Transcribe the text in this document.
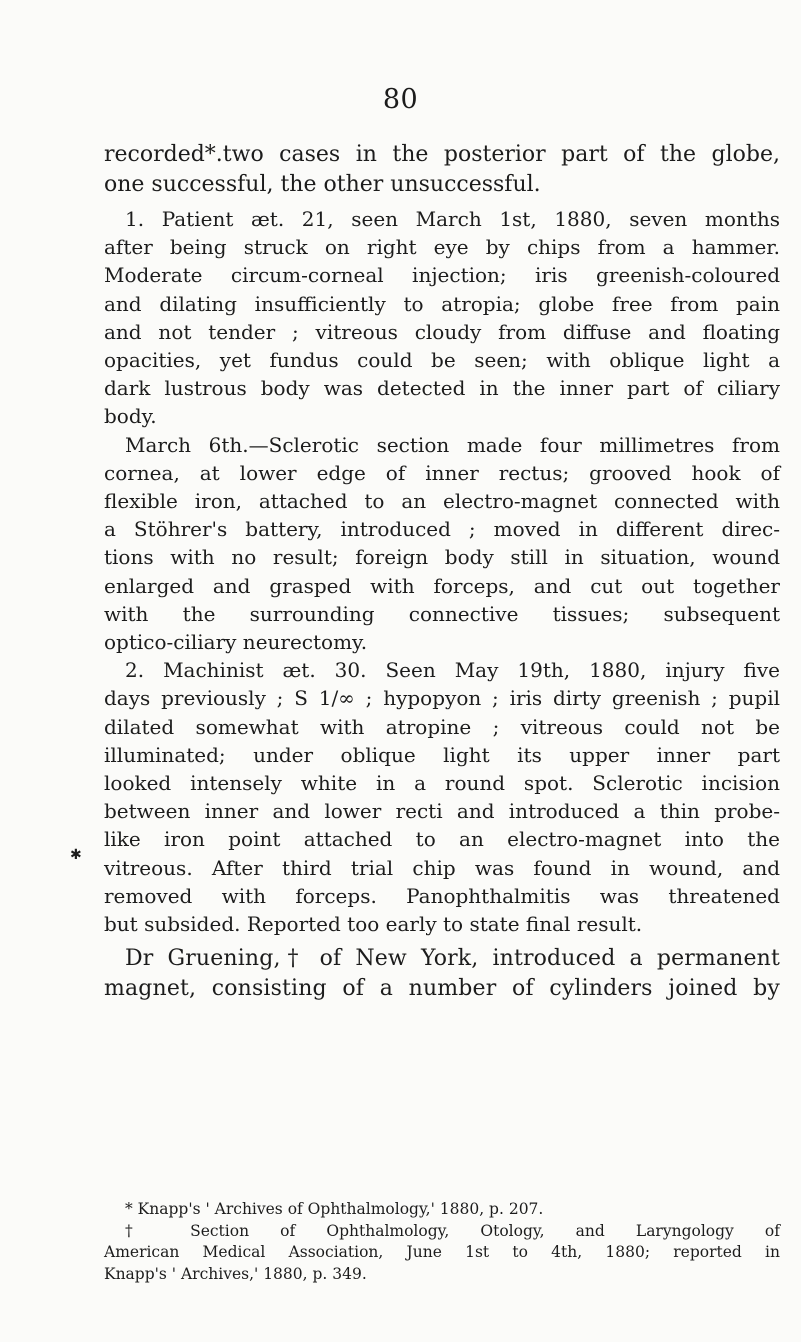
80
✱
recorded*.two cases in the posterior part of the globe,
one successful, the other unsuccessful.
1. Patient æt. 21, seen March 1st, 1880, seven months
after being struck on right eye by chips from a hammer.
Moderate circum-corneal injection; iris greenish-coloured
and dilating insufficiently to atropia; globe free from pain
and not tender ; vitreous cloudy from diffuse and floating
opacities, yet fundus could be seen; with oblique light a
dark lustrous body was detected in the inner part of ciliary
body.
March 6th.—Sclerotic section made four millimetres from
cornea, at lower edge of inner rectus; grooved hook of
flexible iron, attached to an electro-magnet connected with
a Stöhrer's battery, introduced ; moved in different direc-
tions with no result; foreign body still in situation, wound
enlarged and grasped with forceps, and cut out together
with the surrounding connective tissues; subsequent
optico-ciliary neurectomy.
2. Machinist æt. 30. Seen May 19th, 1880, injury five
days previously ; S 1/∞ ; hypopyon ; iris dirty greenish ; pupil
dilated somewhat with atropine ; vitreous could not be
illuminated; under oblique light its upper inner part
looked intensely white in a round spot. Sclerotic incision
between inner and lower recti and introduced a thin probe-
like iron point attached to an electro-magnet into the
vitreous. After third trial chip was found in wound, and
removed with forceps. Panophthalmitis was threatened
but subsided. Reported too early to state final result.
Dr Gruening,† of New York, introduced a permanent
magnet, consisting of a number of cylinders joined by
* Knapp's ' Archives of Ophthalmology,' 1880, p. 207.
† Section of Ophthalmology, Otology, and Laryngology of
American Medical Association, June 1st to 4th, 1880; reported in
Knapp's ' Archives,' 1880, p. 349.
